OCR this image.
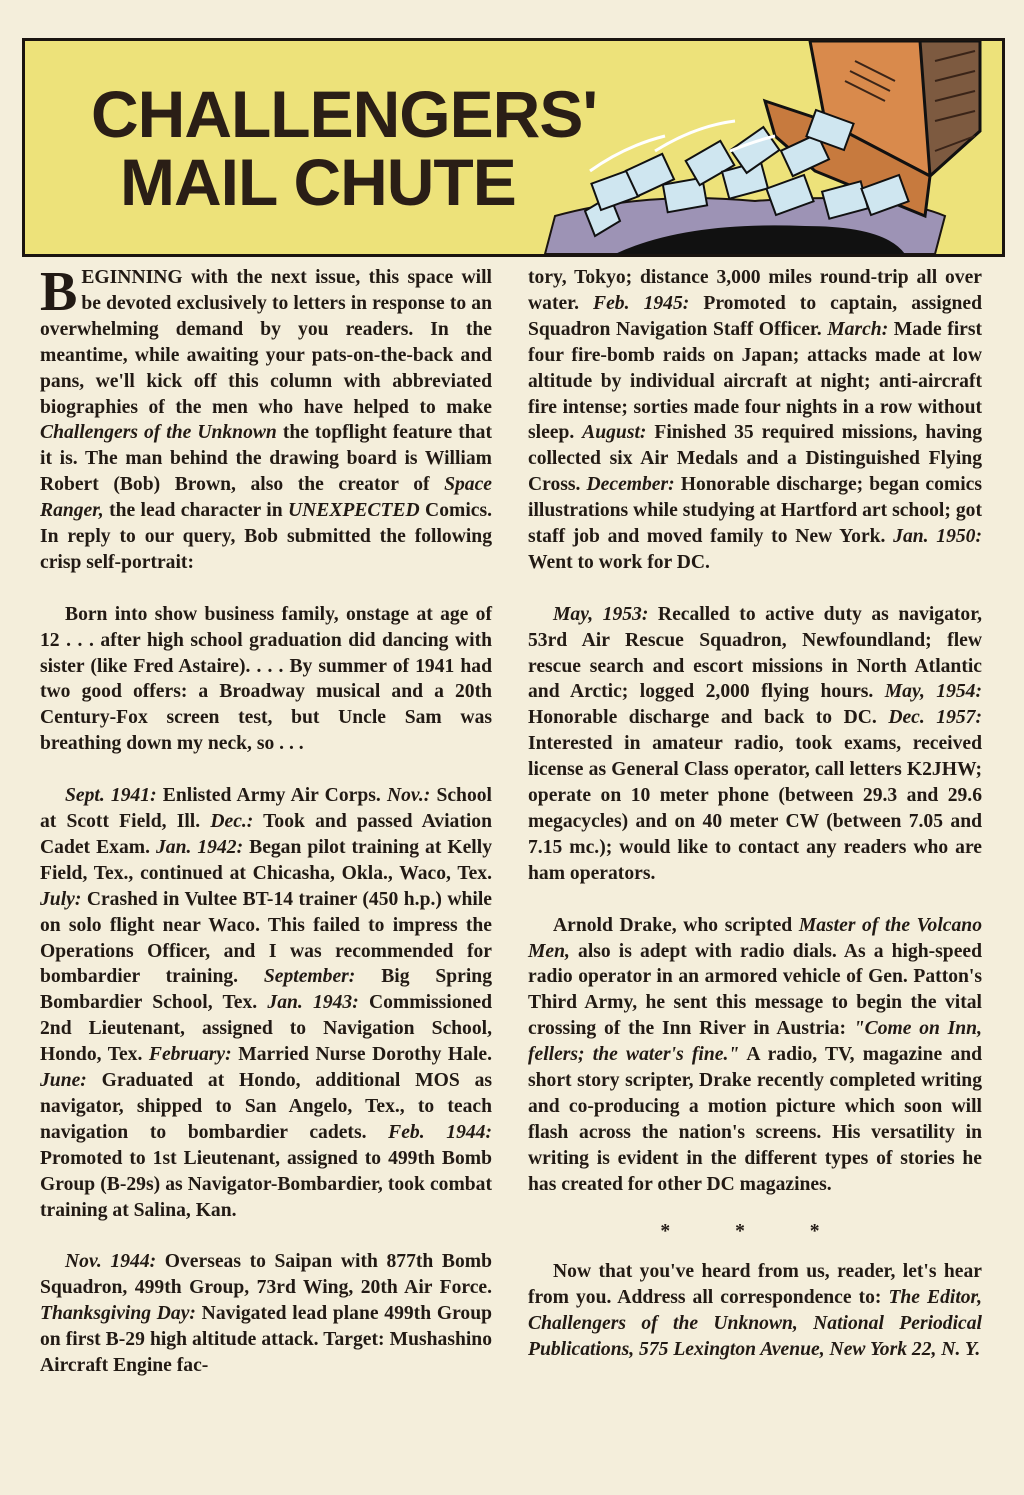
CHALLENGERS'
MAIL CHUTE

BEGINNING with the next issue, this space will be devoted exclusively to letters in response to an overwhelming demand by you readers. In the meantime, while awaiting your pats-on-the-back and pans, we'll kick off this column with abbreviated biographies of the men who have helped to make Challengers of the Unknown the topflight feature that it is. The man behind the drawing board is William Robert (Bob) Brown, also the creator of Space Ranger, the lead character in UNEXPECTED Comics. In reply to our query, Bob submitted the following crisp self-portrait:

Born into show business family, onstage at age of 12 . . . after high school graduation did dancing with sister (like Fred Astaire). . . . By summer of 1941 had two good offers: a Broadway musical and a 20th Century-Fox screen test, but Uncle Sam was breathing down my neck, so . . .

Sept. 1941: Enlisted Army Air Corps. Nov.: School at Scott Field, Ill. Dec.: Took and passed Aviation Cadet Exam. Jan. 1942: Began pilot training at Kelly Field, Tex., continued at Chicasha, Okla., Waco, Tex. July: Crashed in Vultee BT-14 trainer (450 h.p.) while on solo flight near Waco. This failed to impress the Operations Officer, and I was recommended for bombardier training. September: Big Spring Bombardier School, Tex. Jan. 1943: Commissioned 2nd Lieutenant, assigned to Navigation School, Hondo, Tex. February: Married Nurse Dorothy Hale. June: Graduated at Hondo, additional MOS as navigator, shipped to San Angelo, Tex., to teach navigation to bombardier cadets. Feb. 1944: Promoted to 1st Lieutenant, assigned to 499th Bomb Group (B-29s) as Navigator-Bombardier, took combat training at Salina, Kan.

Nov. 1944: Overseas to Saipan with 877th Bomb Squadron, 499th Group, 73rd Wing, 20th Air Force. Thanksgiving Day: Navigated lead plane 499th Group on first B-29 high altitude attack. Target: Mushashino Aircraft Engine fac-

tory, Tokyo; distance 3,000 miles round-trip all over water. Feb. 1945: Promoted to captain, assigned Squadron Navigation Staff Officer. March: Made first four fire-bomb raids on Japan; attacks made at low altitude by individual aircraft at night; anti-aircraft fire intense; sorties made four nights in a row without sleep. August: Finished 35 required missions, having collected six Air Medals and a Distinguished Flying Cross. December: Honorable discharge; began comics illustrations while studying at Hartford art school; got staff job and moved family to New York. Jan. 1950: Went to work for DC.

May, 1953: Recalled to active duty as navigator, 53rd Air Rescue Squadron, Newfoundland; flew rescue search and escort missions in North Atlantic and Arctic; logged 2,000 flying hours. May, 1954: Honorable discharge and back to DC. Dec. 1957: Interested in amateur radio, took exams, received license as General Class operator, call letters K2JHW; operate on 10 meter phone (between 29.3 and 29.6 megacycles) and on 40 meter CW (between 7.05 and 7.15 mc.); would like to contact any readers who are ham operators.

Arnold Drake, who scripted Master of the Volcano Men, also is adept with radio dials. As a high-speed radio operator in an armored vehicle of Gen. Patton's Third Army, he sent this message to begin the vital crossing of the Inn River in Austria: "Come on Inn, fellers; the water's fine." A radio, TV, magazine and short story scripter, Drake recently completed writing and co-producing a motion picture which soon will flash across the nation's screens. His versatility in writing is evident in the different types of stories he has created for other DC magazines.

* * *

Now that you've heard from us, reader, let's hear from you. Address all correspondence to: The Editor, Challengers of the Unknown, National Periodical Publications, 575 Lexington Avenue, New York 22, N. Y.
